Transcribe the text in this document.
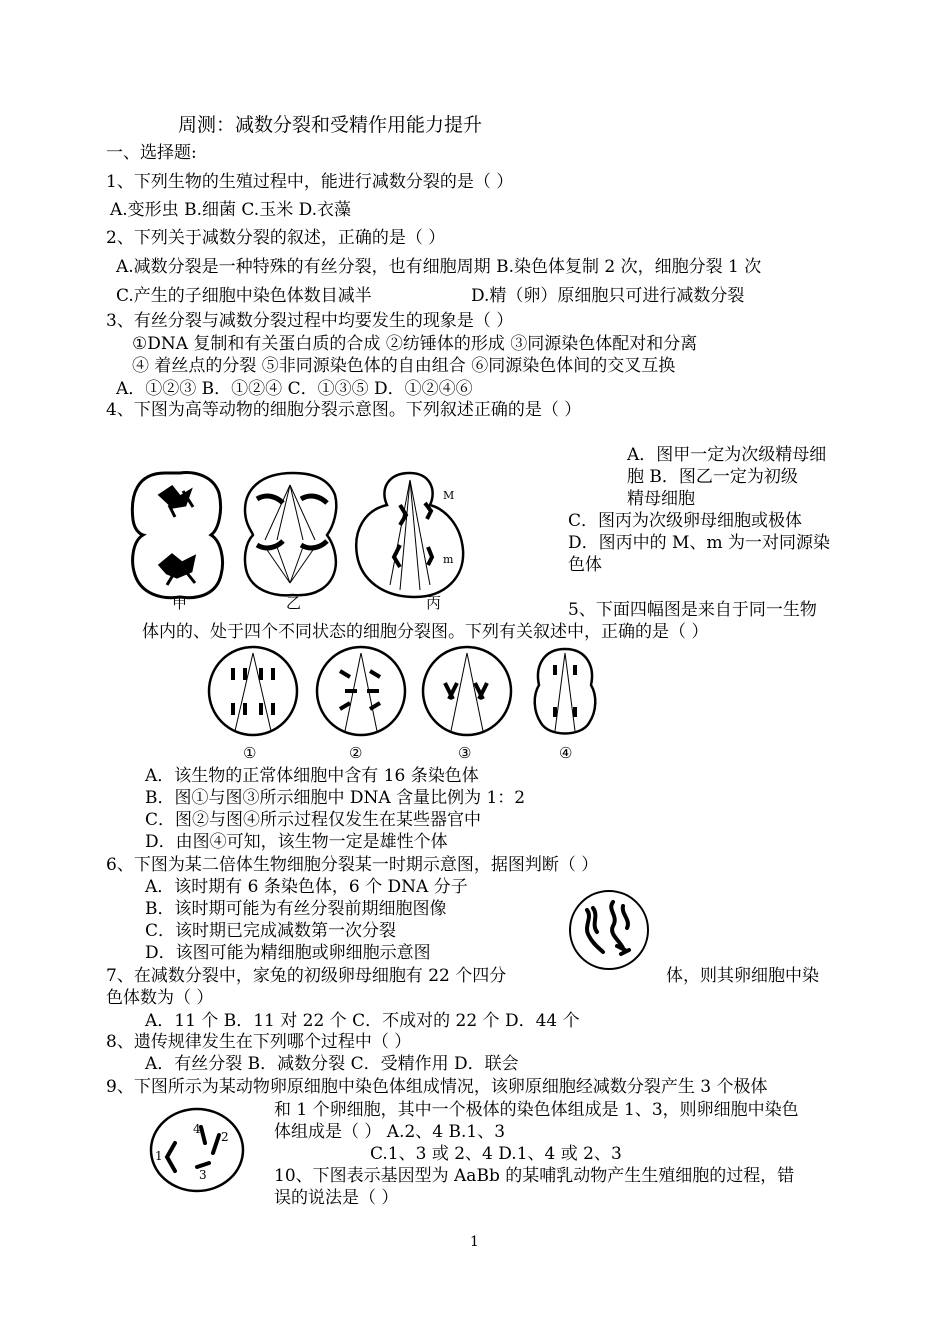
周测：减数分裂和受精作用能力提升
一、选择题:
1、下列生物的生殖过程中，能进行减数分裂的是（ ）
A.变形虫 B.细菌 C.玉米 D.衣藻
2、下列关于减数分裂的叙述，正确的是（ ）
A.减数分裂是一种特殊的有丝分裂，也有细胞周期 B.染色体复制 2 次，细胞分裂 1 次
C.产生的子细胞中染色体数目减半	D.精（卵）原细胞只可进行减数分裂
3、有丝分裂与减数分裂过程中均要发生的现象是（ ）
①DNA 复制和有关蛋白质的合成 ②纺锤体的形成 ③同源染色体配对和分离
④ 着丝点的分裂 ⑤非同源染色体的自由组合 ⑥同源染色体间的交叉互换
A．①②③ B．①②④ C．①③⑤ D．①②④⑥
4、下图为高等动物的细胞分裂示意图。下列叙述正确的是（ ）
M
m
甲	乙	丙
A．图甲一定为次级精母细
胞 B．图乙一定为初级
精母细胞
C．图丙为次级卵母细胞或极体
D．图丙中的 M、m 为一对同源染
色体
5、下面四幅图是来自于同一生物
体内的、处于四个不同状态的细胞分裂图。下列有关叙述中，正确的是（ ）
①	②	③	④
A．该生物的正常体细胞中含有 16 条染色体
B．图①与图③所示细胞中 DNA 含量比例为 1：2
C．图②与图④所示过程仅发生在某些器官中
D．由图④可知，该生物一定是雄性个体
6、下图为某二倍体生物细胞分裂某一时期示意图，据图判断（ ）
A．该时期有 6 条染色体，6 个 DNA 分子
B．该时期可能为有丝分裂前期细胞图像
C．该时期已完成减数第一次分裂
D．该图可能为精细胞或卵细胞示意图
7、在减数分裂中，家兔的初级卵母细胞有 22 个四分	体，则其卵细胞中染
色体数为（ ）
A．11 个 B．11 对 22 个 C．不成对的 22 个 D．44 个
8、遗传规律发生在下列哪个过程中（ ）
A．有丝分裂 B．减数分裂 C．受精作用 D．联会
9、下图所示为某动物卵原细胞中染色体组成情况，该卵原细胞经减数分裂产生 3 个极体
和 1 个卵细胞，其中一个极体的染色体组成是 1、3，则卵细胞中染色
体组成是（ ） A.2、4 B.1、3
C.1、3 或 2、4 D.1、4 或 2、3
1
2
3
4
10、下图表示基因型为 AaBb 的某哺乳动物产生生殖细胞的过程，错
误的说法是（ ）
1
